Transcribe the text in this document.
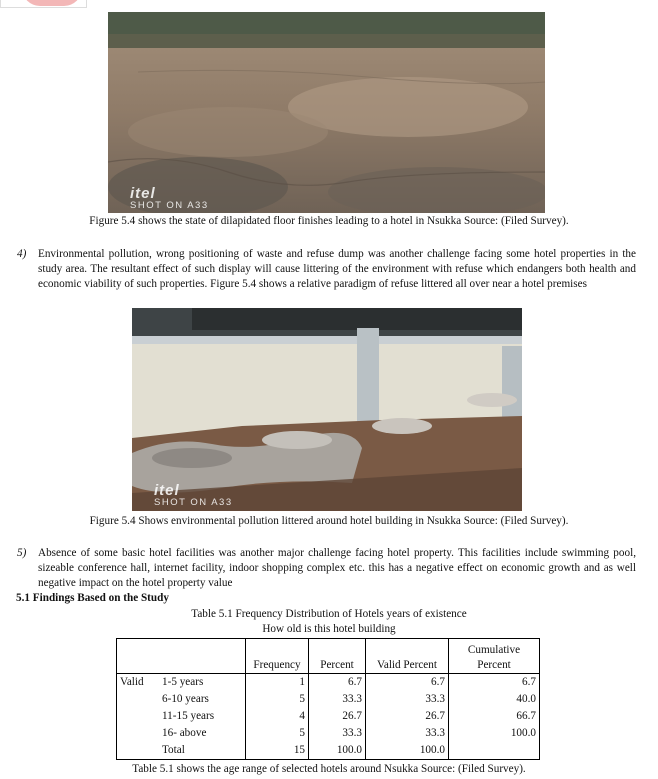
itel
SHOT ON A33
Figure 5.4 shows the state of dilapidated floor finishes leading to a hotel in Nsukka Source: (Filed Survey).
4) Environmental pollution, wrong positioning of waste and refuse dump was another challenge facing some hotel properties in the study area. The resultant effect of such display will cause littering of the environment with refuse which endangers both health and economic viability of such properties. Figure 5.4 shows a relative paradigm of refuse littered all over near a hotel premises
itel
SHOT ON A33
Figure 5.4 Shows environmental pollution littered around hotel building in Nsukka Source: (Filed Survey).
5) Absence of some basic hotel facilities was another major challenge facing hotel property. This facilities include swimming pool, sizeable conference hall, internet facility, indoor shopping complex etc. this has a negative effect on economic growth and as well negative impact on the hotel property value
5.1 Findings Based on the Study
Table 5.1 Frequency Distribution of Hotels years of existence
How old is this hotel building
		Frequency	Percent	Valid Percent	Cumulative
Percent

Valid	1-5 years	1	6.7	6.7	6.7
	6-10 years	5	33.3	33.3	40.0
	11-15 years	4	26.7	26.7	66.7
	16- above	5	33.3	33.3	100.0
	Total	15	100.0	100.0	
Table 5.1 shows the age range of selected hotels around Nsukka Source: (Filed Survey).
